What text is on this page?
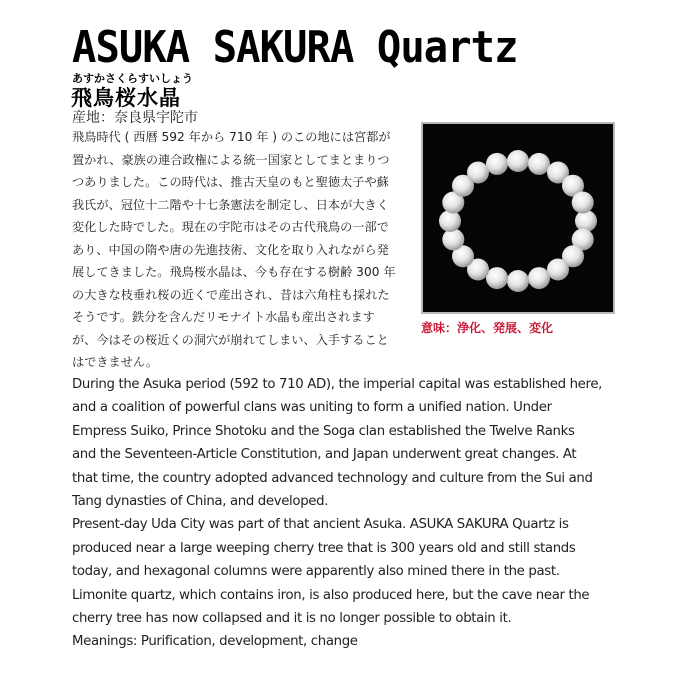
ASUKA SAKURA Quartz
あすかさくらすいしょう
飛鳥桜水晶
産地：奈良県宇陀市
飛鳥時代 ( 西暦 592 年から 710 年 ) のこの地には宮都が
置かれ、豪族の連合政権による統一国家としてまとまりつ
つありました。この時代は、推古天皇のもと聖徳太子や蘇
我氏が、冠位十二階や十七条憲法を制定し、日本が大きく
変化した時でした。現在の宇陀市はその古代飛鳥の一部で
あり、中国の隋や唐の先進技術、文化を取り入れながら発
展してきました。飛鳥桜水晶は、今も存在する樹齢 300 年
の大きな枝垂れ桜の近くで産出され、昔は六角柱も採れた
そうです。鉄分を含んだリモナイト水晶も産出されます
が、今はその桜近くの洞穴が崩れてしまい、入手すること
はできません。
意味：浄化、発展、変化
During the Asuka period (592 to 710 AD), the imperial capital was established here,
and a coalition of powerful clans was uniting to form a unified nation. Under
Empress Suiko, Prince Shotoku and the Soga clan established the Twelve Ranks
and the Seventeen-Article Constitution, and Japan underwent great changes. At
that time, the country adopted advanced technology and culture from the Sui and
Tang dynasties of China, and developed.
Present-day Uda City was part of that ancient Asuka. ASUKA SAKURA Quartz is
produced near a large weeping cherry tree that is 300 years old and still stands
today, and hexagonal columns were apparently also mined there in the past.
Limonite quartz, which contains iron, is also produced here, but the cave near the
cherry tree has now collapsed and it is no longer possible to obtain it.
Meanings: Purification, development, change
